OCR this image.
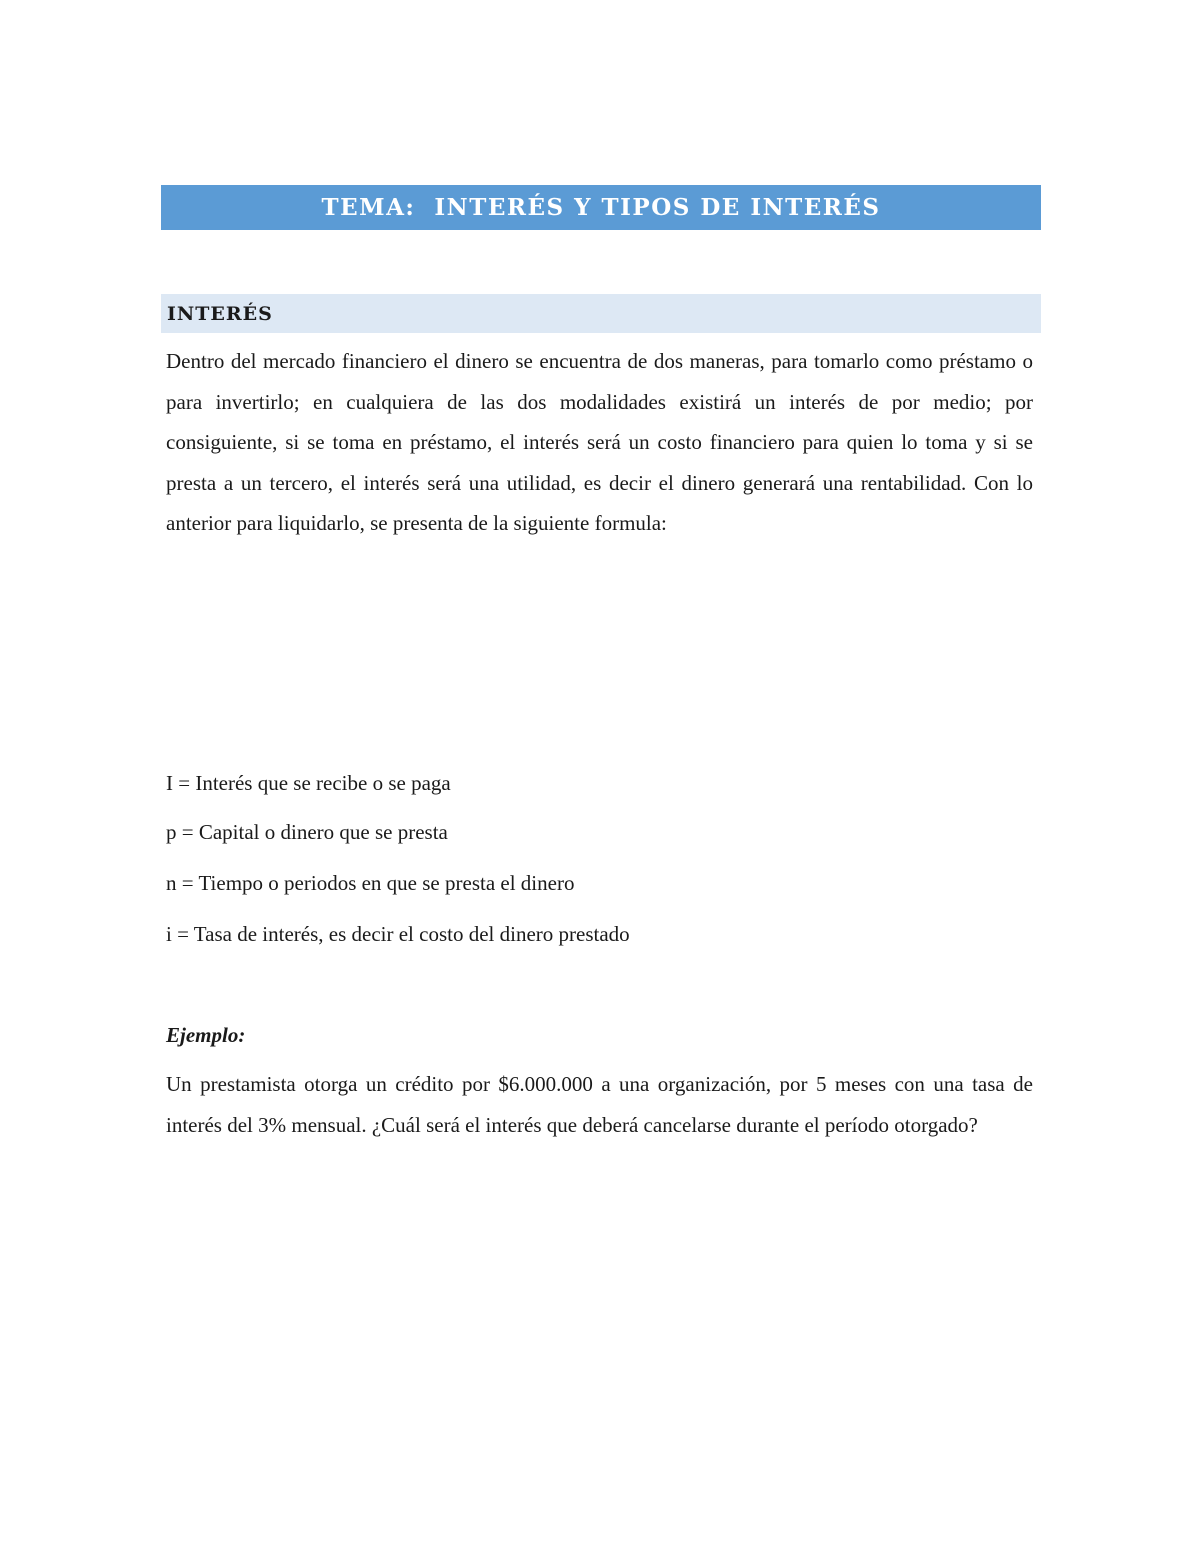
TEMA:  INTERÉS Y TIPOS DE INTERÉS
INTERÉS

Dentro del mercado financiero el dinero se encuentra de dos maneras, para tomarlo como préstamo o para invertirlo; en cualquiera de las dos modalidades existirá un interés de por medio; por consiguiente, si se toma en préstamo, el interés será un costo financiero para quien lo toma y si se presta a un tercero, el interés será una utilidad, es decir el dinero generará una rentabilidad. Con lo anterior para liquidarlo, se presenta de la siguiente formula:

I = Interés que se recibe o se paga

p = Capital o dinero que se presta

n = Tiempo o periodos en que se presta el dinero

i = Tasa de interés, es decir el costo del dinero prestado

Ejemplo:

Un prestamista otorga un crédito por $6.000.000 a una organización, por 5 meses con una tasa de interés del 3% mensual. ¿Cuál será el interés que deberá cancelarse durante el período otorgado?
